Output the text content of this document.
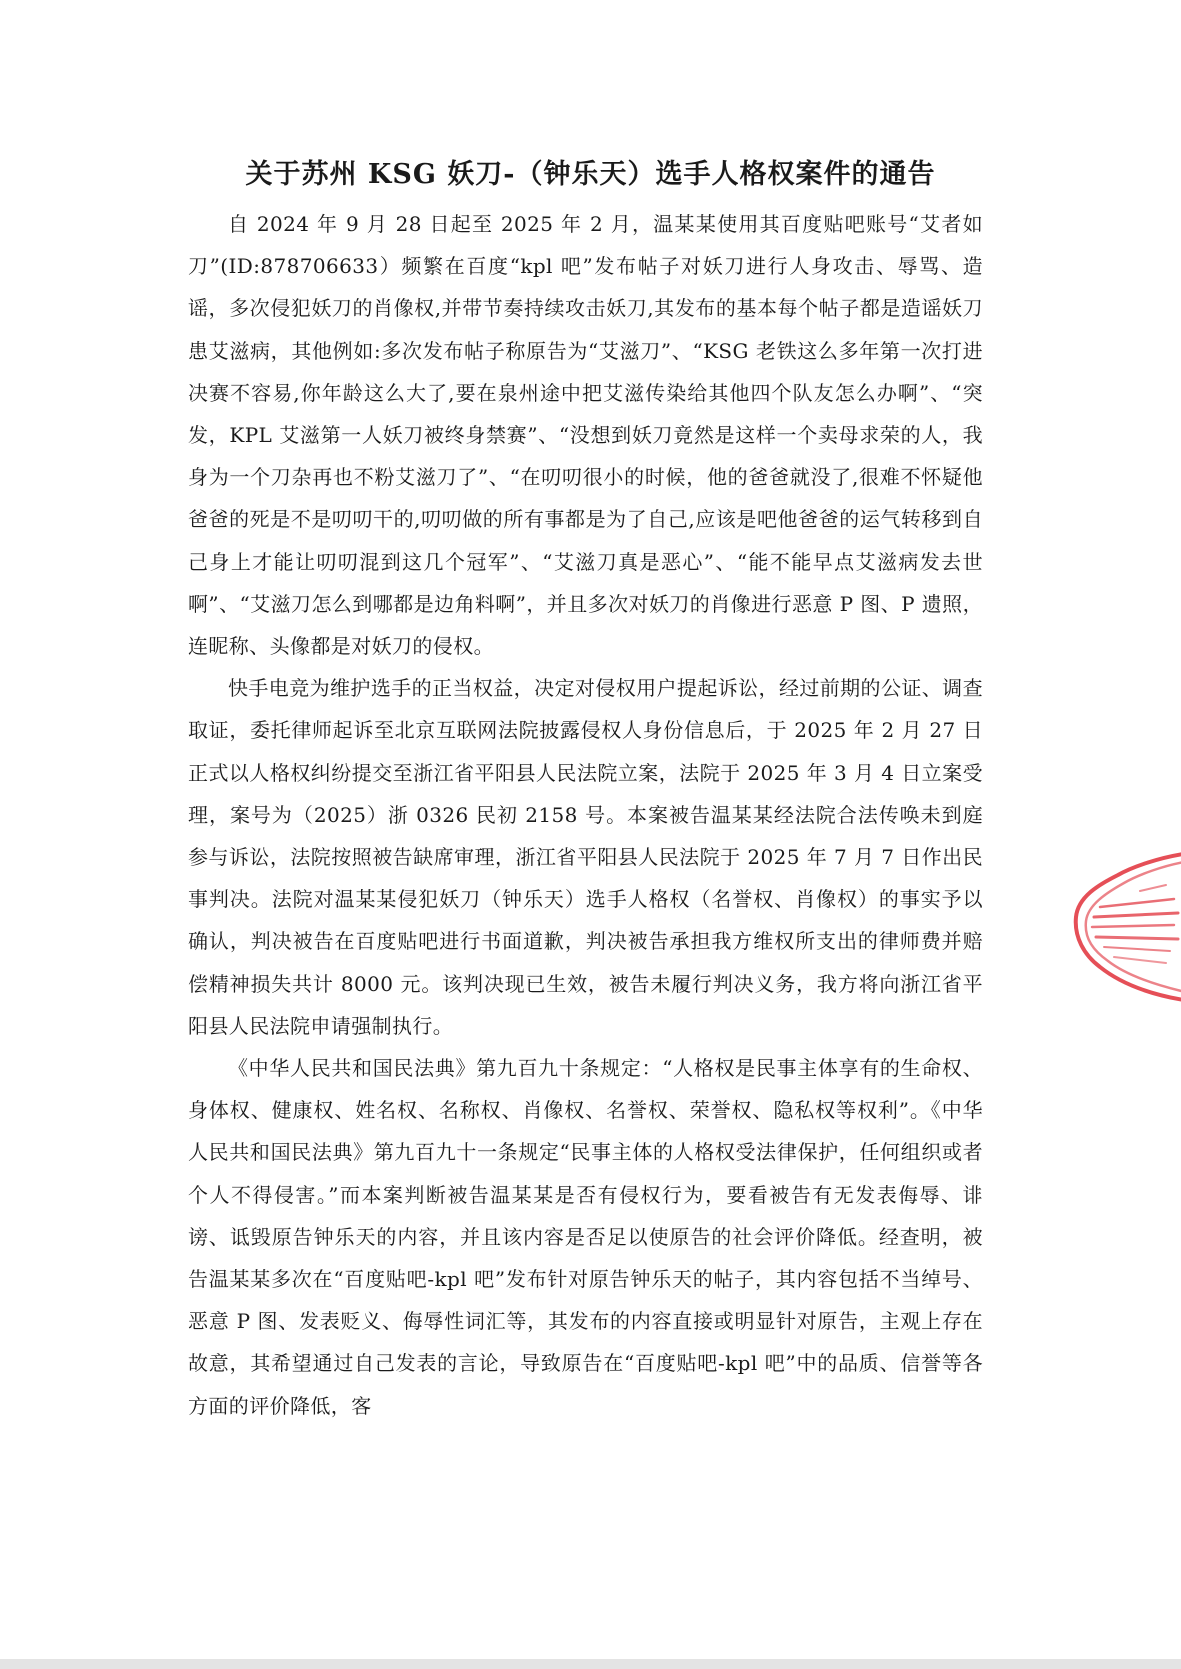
关于苏州 KSG 妖刀-（钟乐天）选手人格权案件的通告

自 2024 年 9 月 28 日起至 2025 年 2 月，温某某使用其百度贴吧账号“艾者如刀”(ID:878706633）频繁在百度“kpl 吧”发布帖子对妖刀进行人身攻击、辱骂、造谣，多次侵犯妖刀的肖像权,并带节奏持续攻击妖刀,其发布的基本每个帖子都是造谣妖刀患艾滋病，其他例如:多次发布帖子称原告为“艾滋刀”、“KSG 老铁这么多年第一次打进决赛不容易,你年龄这么大了,要在泉州途中把艾滋传染给其他四个队友怎么办啊”、“突发，KPL 艾滋第一人妖刀被终身禁赛”、“没想到妖刀竟然是这样一个卖母求荣的人，我身为一个刀杂再也不粉艾滋刀了”、“在叨叨很小的时候，他的爸爸就没了,很难不怀疑他爸爸的死是不是叨叨干的,叨叨做的所有事都是为了自己,应该是吧他爸爸的运气转移到自己身上才能让叨叨混到这几个冠军”、“艾滋刀真是恶心”、“能不能早点艾滋病发去世啊”、“艾滋刀怎么到哪都是边角料啊”，并且多次对妖刀的肖像进行恶意 P 图、P 遗照，连昵称、头像都是对妖刀的侵权。

快手电竞为维护选手的正当权益，决定对侵权用户提起诉讼，经过前期的公证、调查取证，委托律师起诉至北京互联网法院披露侵权人身份信息后，于 2025 年 2 月 27 日正式以人格权纠纷提交至浙江省平阳县人民法院立案，法院于 2025 年 3 月 4 日立案受理，案号为（2025）浙 0326 民初 2158 号。本案被告温某某经法院合法传唤未到庭参与诉讼，法院按照被告缺席审理，浙江省平阳县人民法院于 2025 年 7 月 7 日作出民事判决。法院对温某某侵犯妖刀（钟乐天）选手人格权（名誉权、肖像权）的事实予以确认，判决被告在百度贴吧进行书面道歉，判决被告承担我方维权所支出的律师费并赔偿精神损失共计 8000 元。该判决现已生效，被告未履行判决义务，我方将向浙江省平阳县人民法院申请强制执行。

《中华人民共和国民法典》第九百九十条规定：“人格权是民事主体享有的生命权、身体权、健康权、姓名权、名称权、肖像权、名誉权、荣誉权、隐私权等权利”。《中华人民共和国民法典》第九百九十一条规定“民事主体的人格权受法律保护，任何组织或者个人不得侵害。”而本案判断被告温某某是否有侵权行为，要看被告有无发表侮辱、诽谤、诋毁原告钟乐天的内容，并且该内容是否足以使原告的社会评价降低。经查明，被告温某某多次在“百度贴吧-kpl 吧”发布针对原告钟乐天的帖子，其内容包括不当绰号、恶意 P 图、发表贬义、侮辱性词汇等，其发布的内容直接或明显针对原告，主观上存在故意，其希望通过自己发表的言论，导致原告在“百度贴吧-kpl 吧”中的品质、信誉等各方面的评价降低，客
